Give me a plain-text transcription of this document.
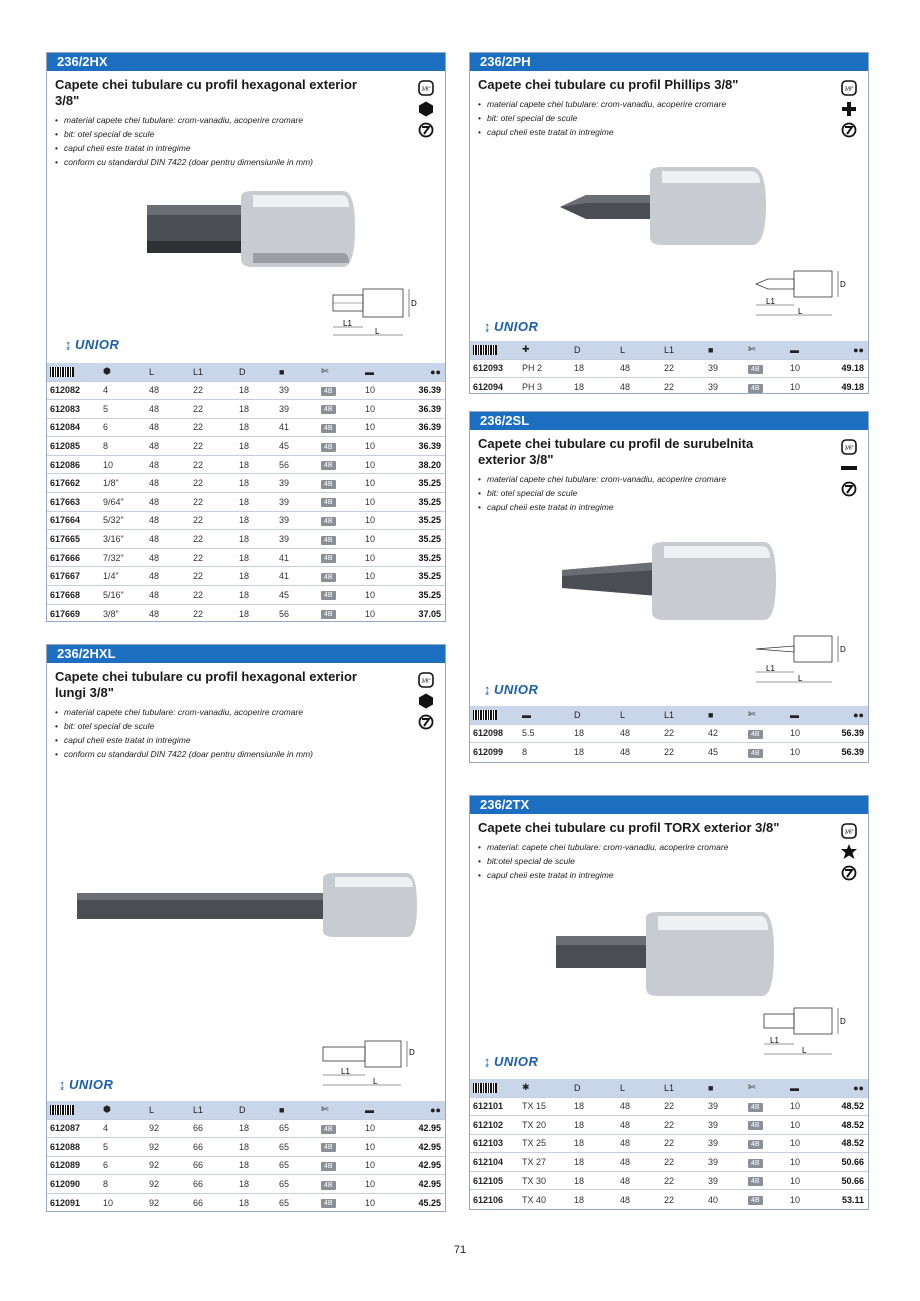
236/2HX
Capete chei tubulare cu profil hexagonal exterior 3/8"
• material capete chei tubulare: crom-vanadiu, acoperire cromare
• bit: otel special de scule
• capul cheii este tratat in intregime
• conform cu standardul DIN 7422 (doar pentru dimensiunile in mm)
3/8"
D
L1
L
↨ UNIOR
	⬢	L	L1	D	■	✄	▬	●●
612082	4	48	22	18	39	4B	10	36.39
612083	5	48	22	18	39	4B	10	36.39
612084	6	48	22	18	41	4B	10	36.39
612085	8	48	22	18	45	4B	10	36.39
612086	10	48	22	18	56	4B	10	38.20
617662	1/8"	48	22	18	39	4B	10	35.25
617663	9/64"	48	22	18	39	4B	10	35.25
617664	5/32"	48	22	18	39	4B	10	35.25
617665	3/16"	48	22	18	39	4B	10	35.25
617666	7/32"	48	22	18	41	4B	10	35.25
617667	1/4"	48	22	18	41	4B	10	35.25
617668	5/16"	48	22	18	45	4B	10	35.25
617669	3/8"	48	22	18	56	4B	10	37.05
236/2HXL
Capete chei tubulare cu profil hexagonal exterior lungi 3/8"
• material capete chei tubulare: crom-vanadiu, acoperire cromare
• bit: otel special de scule
• capul cheii este tratat in intregime
• conform cu standardul DIN 7422 (doar pentru dimensiunile in mm)
3/8"
D
L1
L
↨ UNIOR
	⬢	L	L1	D	■	✄	▬	●●
612087	4	92	66	18	65	4B	10	42.95
612088	5	92	66	18	65	4B	10	42.95
612089	6	92	66	18	65	4B	10	42.95
612090	8	92	66	18	65	4B	10	42.95
612091	10	92	66	18	65	4B	10	45.25
236/2PH
Capete chei tubulare cu profil Phillips 3/8"
• material capete chei tubulare: crom-vanadiu, acoperire cromare
• bit: otel special de scule
• capul cheii este tratat in intregime
3/8"
D
L1
L
↨ UNIOR
	✚	D	L	L1	■	✄	▬	●●
612093	PH 2	18	48	22	39	4B	10	49.18
612094	PH 3	18	48	22	39	4B	10	49.18
236/2SL
Capete chei tubulare cu profil de surubelnita exterior 3/8"
• material capete chei tubulare: crom-vanadiu, acoperire cromare
• bit: otel special de scule
• capul cheii este tratat in intregime
3/8"
D
L1
L
↨ UNIOR
	▬	D	L	L1	■	✄	▬	●●
612098	5.5	18	48	22	42	4B	10	56.39
612099	8	18	48	22	45	4B	10	56.39
236/2TX
Capete chei tubulare cu profil TORX exterior 3/8"
• material: capete chei tubulare: crom-vanadiu, acoperire cromare
• bit:otel special de scule
• capul cheii este tratat in intregime
3/8"
D
L1
L
↨ UNIOR
	✱	D	L	L1	■	✄	▬	●●
612101	TX 15	18	48	22	39	4B	10	48.52
612102	TX 20	18	48	22	39	4B	10	48.52
612103	TX 25	18	48	22	39	4B	10	48.52
612104	TX 27	18	48	22	39	4B	10	50.66
612105	TX 30	18	48	22	39	4B	10	50.66
612106	TX 40	18	48	22	40	4B	10	53.11
71
